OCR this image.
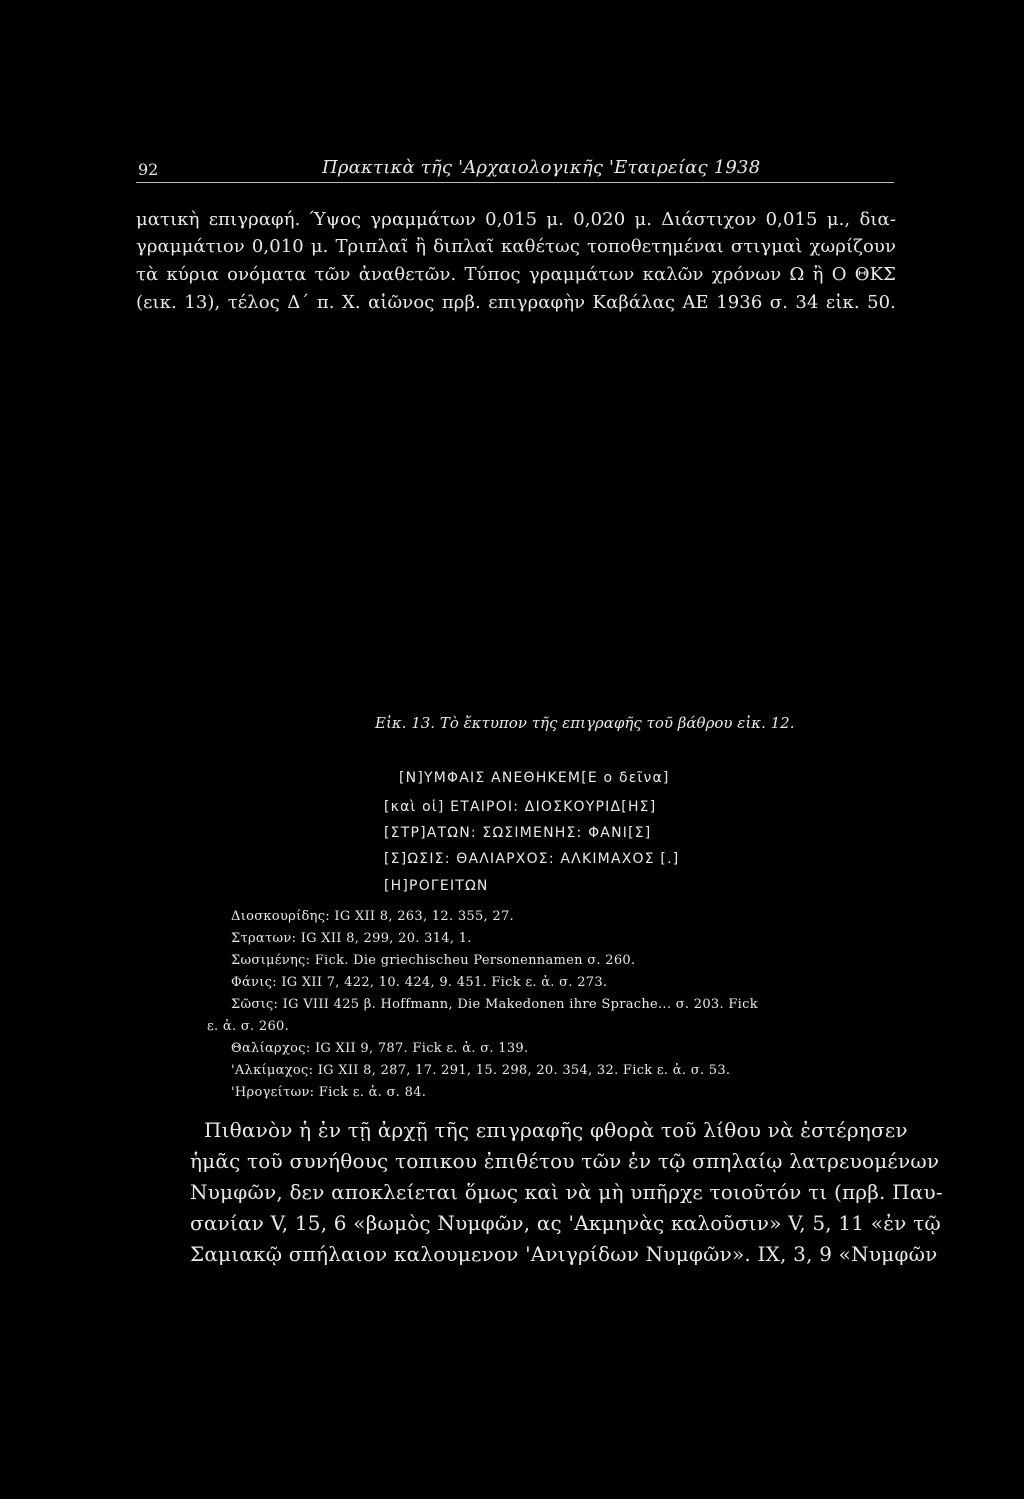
92	Πρακτικὰ τῆς 'Αρχαιολογικῆς 'Εταιρείας 1938
ματικὴ επιγραφή. Ύψος γραμμάτων 0,015 μ. 0,020 μ. Διάστιχον 0,015 μ., δια-
γραμμάτιον 0,010 μ. Τριπλαῖ ἢ διπλαῖ καθέτως τοποθετημέναι στιγμαὶ χωρίζουν
τὰ κύρια ονόματα τῶν ἀναθετῶν. Τύπος γραμμάτων καλῶν χρόνων Ω ἢ Ο ΘΚΣ
(εικ. 13), τέλος Δ΄ π. Χ. αἰῶνος πρβ. επιγραφὴν Καβάλας ΑΕ 1936 σ. 34 εἰκ. 50.
Εἰκ. 13. Τὸ ἔκτυπον τῆς επιγραφῆς τοῦ βάθρου εἰκ. 12.
[Ν]ΥΜΦΑΙΣ ΑΝΕΘΗΚΕΜ[Ε ο δεῖνα]
[καὶ οἱ] ΕΤΑΙΡΟΙ: ΔΙΟΣΚΟΥΡΙΔ[ΗΣ]
[ΣΤΡ]ΑΤΩΝ: ΣΩΣΙΜΕΝΗΣ: ΦΑΝΙ[Σ]
[Σ]ΩΣΙΣ: ΘΑΛΙΑΡΧΟΣ: ΑΛΚΙΜΑΧΟΣ [.]
[Η]ΡΟΓΕΙΤΩΝ
Διοσκουρίδης: IG XII 8, 263, 12. 355, 27.
Στρατων: IG XII 8, 299, 20. 314, 1.
Σωσιμένης: Fick. Die griechischeu Personennamen σ. 260.
Φάνις: IG XII 7, 422, 10. 424, 9. 451. Fick ε. ἀ. σ. 273.
Σῶσις: IG VIII 425 β. Hoffmann, Die Makedonen ihre Sprache... σ. 203. Fick
ε. ἀ. σ. 260.
Θαλίαρχος: IG XII 9, 787. Fick ε. ἀ. σ. 139.
'Αλκίμαχος: IG XII 8, 287, 17. 291, 15. 298, 20. 354, 32. Fick ε. ἀ. σ. 53.
'Ηρογείτων: Fick ε. ἀ. σ. 84.
Πιθανὸν ἡ ἐν τῇ ἀρχῇ τῆς επιγραφῆς φθορὰ τοῦ λίθου νὰ ἐστέρησεν
ἡμᾶς τοῦ συνήθους τοπικου ἐπιθέτου τῶν ἐν τῷ σπηλαίῳ λατρευομένων
Νυμφῶν, δεν αποκλείεται ὅμως καὶ νὰ μὴ υπῆρχε τοιοῦτόν τι (πρβ. Παυ-
σανίαν V, 15, 6 «βωμὸς Νυμφῶν, ας 'Ακμηνὰς καλοῦσιν» V, 5, 11 «ἐν τῷ
Σαμιακῷ σπήλαιον καλουμενον 'Ανιγρίδων Νυμφῶν». ΙΧ, 3, 9 «Νυμφῶν
